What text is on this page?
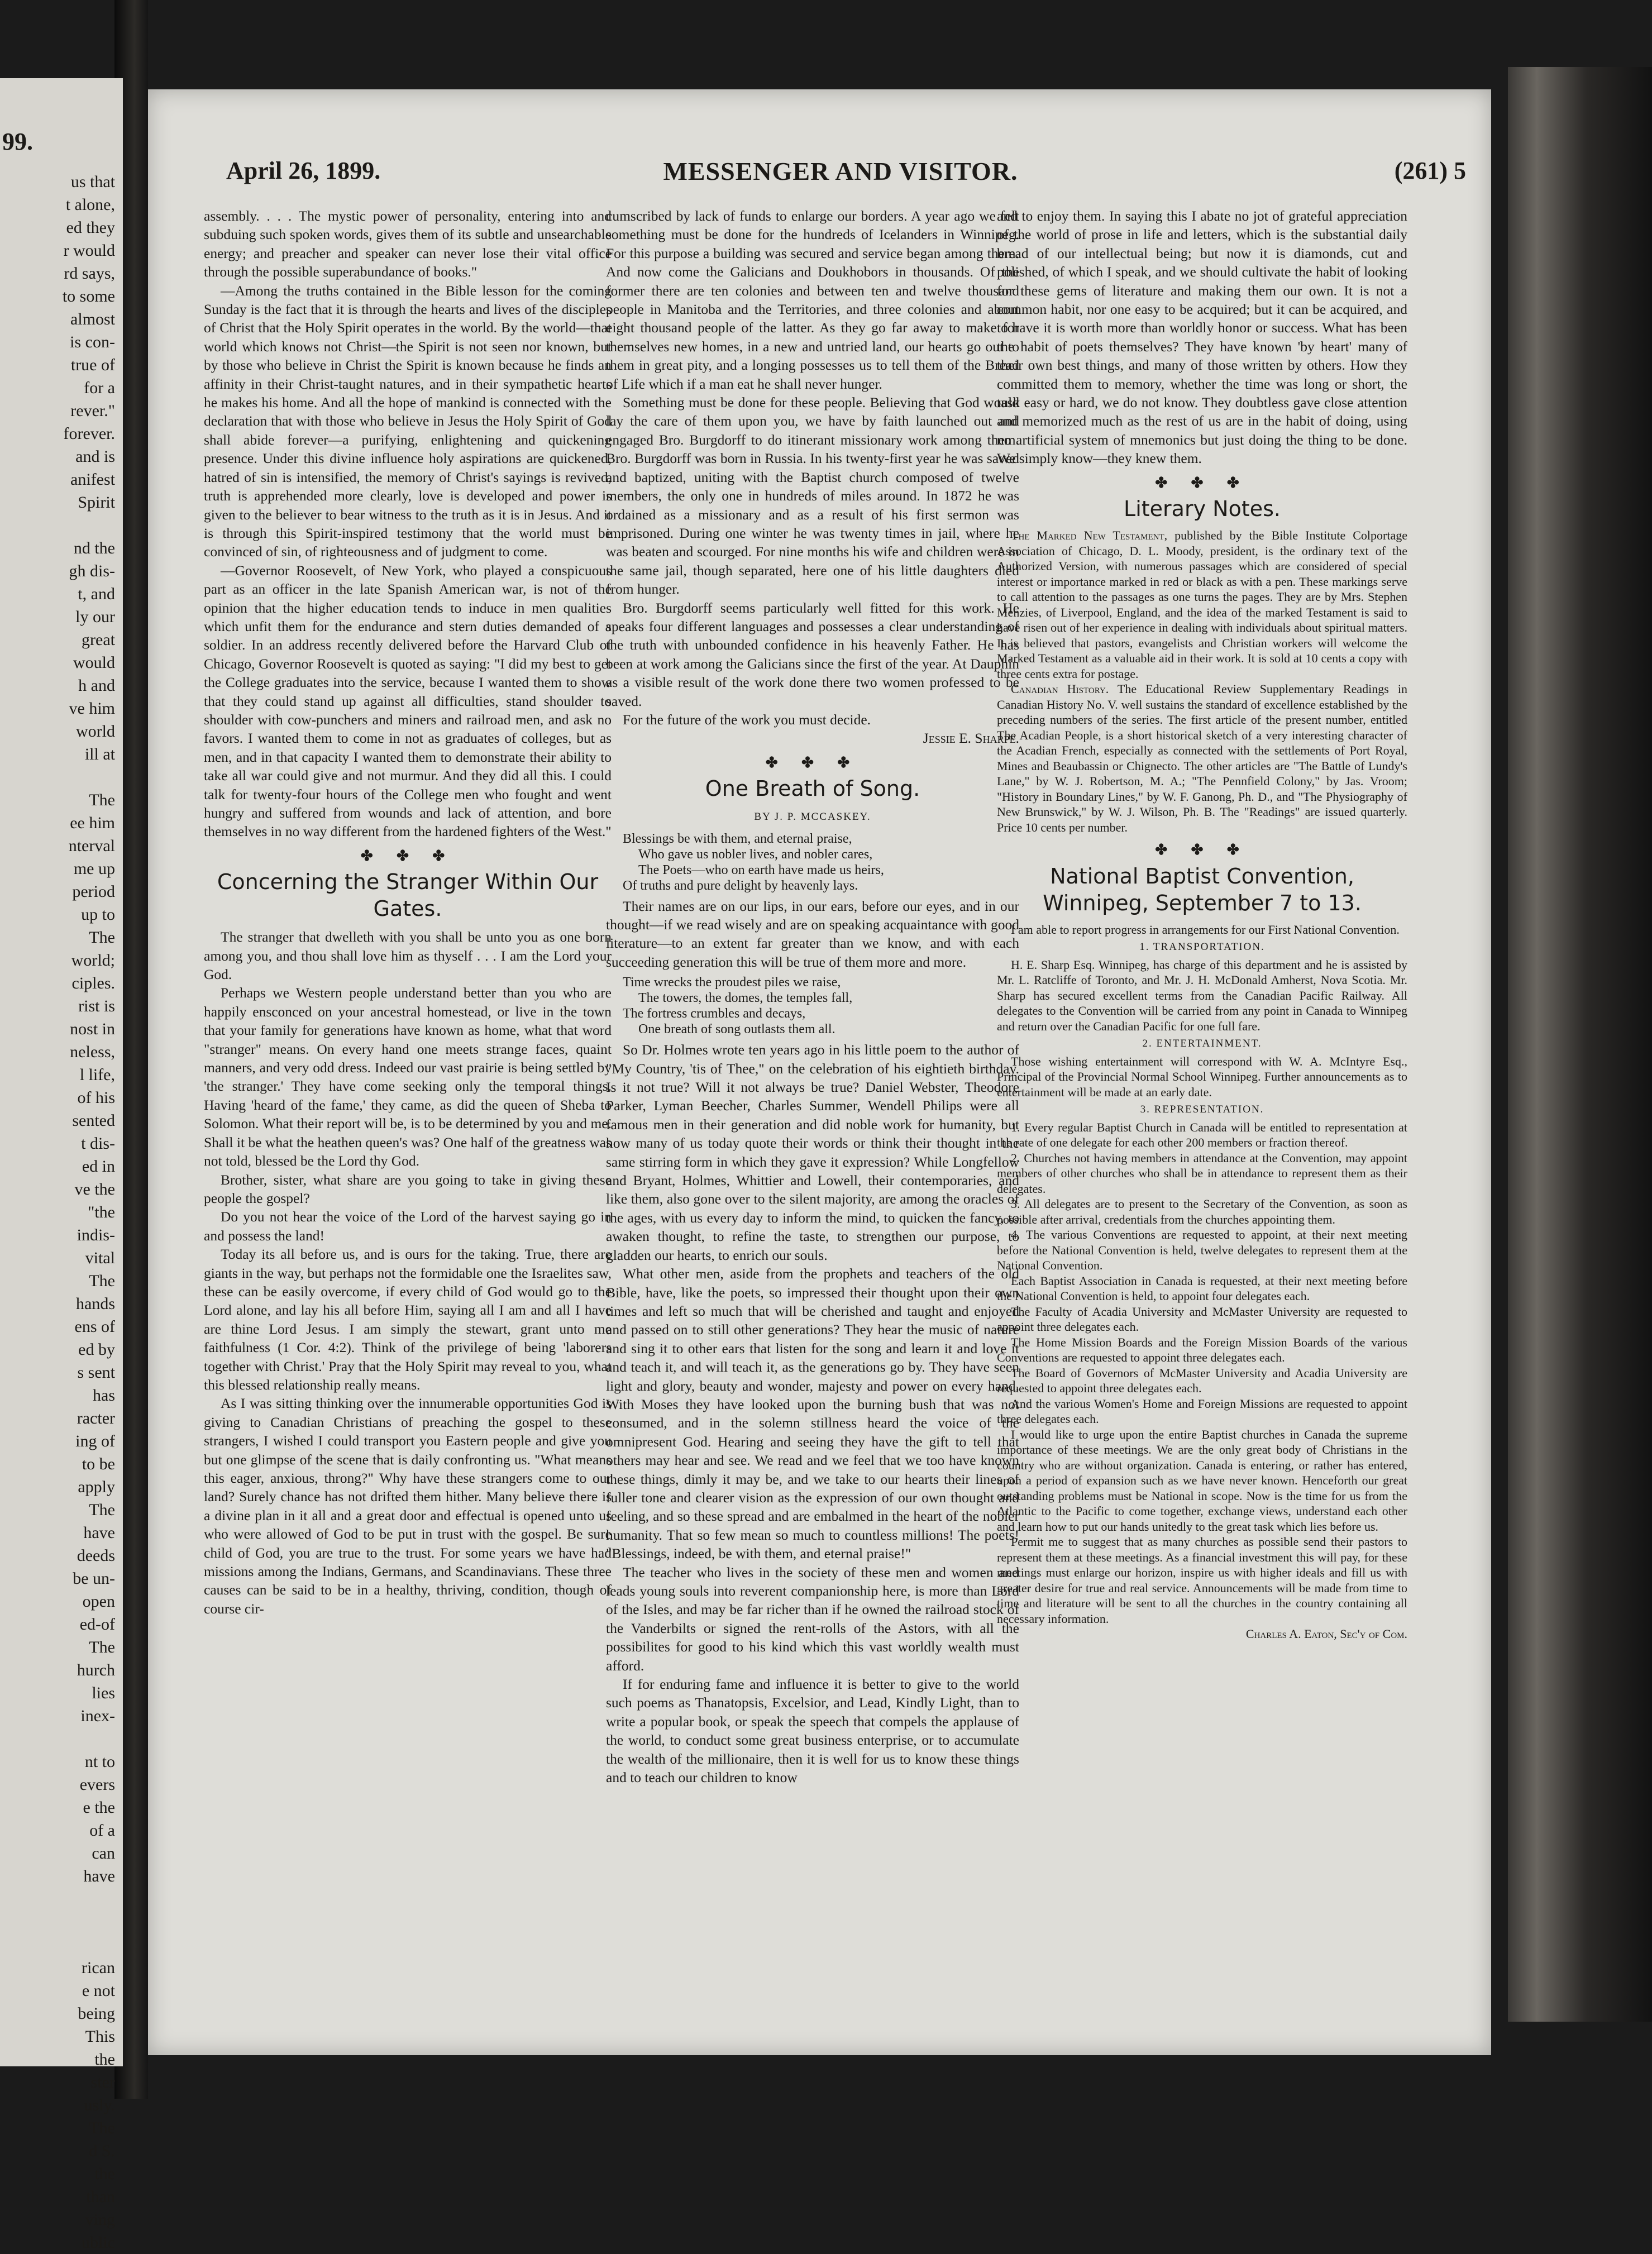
99.
us that
t alone,
ed they
r would
rd says,
to some
almost
is con-
true of
for a
rever."
forever.
and is
anifest
Spirit
nd the
gh dis-
t, and
ly our
great
would
h and
ve him
world
ill at
The
ee him
nterval
me up
period
up to
The
world;
ciples.
rist is
nost in
neless,
l life,
of his
sented
t dis-
ed in
ve the
"the
indis-
vital
The
hands
ens of
ed by
s sent
has
racter
ing of
to be
apply
The
have
deeds
be un-
open
ed-of
The
hurch
lies
inex-
nt to
evers
e the
of a
can
have
rican
e not
being
This
the
ster
usly.
The
d S.
the
than
ving
ublic
April 26, 1899.	MESSENGER AND VISITOR.	(261) 5

assembly. . . . The mystic power of personality, entering into and subduing such spoken words, gives them of its subtle and unsearchable energy; and preacher and speaker can never lose their vital office through the possible superabundance of books."

—Among the truths contained in the Bible lesson for the coming Sunday is the fact that it is through the hearts and lives of the disciples of Christ that the Holy Spirit operates in the world. By the world—that world which knows not Christ—the Spirit is not seen nor known, but by those who believe in Christ the Spirit is known because he finds an affinity in their Christ-taught natures, and in their sympathetic hearts he makes his home. And all the hope of mankind is connected with the declaration that with those who believe in Jesus the Holy Spirit of God shall abide forever—a purifying, enlightening and quickening presence. Under this divine influence holy aspirations are quickened, hatred of sin is intensified, the memory of Christ's sayings is revived, truth is apprehended more clearly, love is developed and power is given to the believer to bear witness to the truth as it is in Jesus. And it is through this Spirit-inspired testimony that the world must be convinced of sin, of righteousness and of judgment to come.

—Governor Roosevelt, of New York, who played a conspicuous part as an officer in the late Spanish American war, is not of the opinion that the higher education tends to induce in men qualities which unfit them for the endurance and stern duties demanded of a soldier. In an address recently delivered before the Harvard Club of Chicago, Governor Roosevelt is quoted as saying: "I did my best to get the College graduates into the service, because I wanted them to show that they could stand up against all difficulties, stand shoulder to shoulder with cow-punchers and miners and railroad men, and ask no favors. I wanted them to come in not as graduates of colleges, but as men, and in that capacity I wanted them to demonstrate their ability to take all war could give and not murmur. And they did all this. I could talk for twenty-four hours of the College men who fought and went hungry and suffered from wounds and lack of attention, and bore themselves in no way different from the hardened fighters of the West."

✤ ✤ ✤
Concerning the Stranger Within Our Gates.

The stranger that dwelleth with you shall be unto you as one born among you, and thou shall love him as thyself . . . I am the Lord your God.

Perhaps we Western people understand better than you who are happily ensconced on your ancestral homestead, or live in the town that your family for generations have known as home, what that word "stranger" means. On every hand one meets strange faces, quaint manners, and very odd dress. Indeed our vast prairie is being settled by 'the stranger.' They have come seeking only the temporal things. Having 'heard of the fame,' they came, as did the queen of Sheba to Solomon. What their report will be, is to be determined by you and me. Shall it be what the heathen queen's was? One half of the greatness was not told, blessed be the Lord thy God.

Brother, sister, what share are you going to take in giving these people the gospel?

Do you not hear the voice of the Lord of the harvest saying go in and possess the land!

Today its all before us, and is ours for the taking. True, there are giants in the way, but perhaps not the formidable one the Israelites saw, these can be easily overcome, if every child of God would go to the Lord alone, and lay his all before Him, saying all I am and all I have are thine Lord Jesus. I am simply the stewart, grant unto me faithfulness (1 Cor. 4:2). Think of the privilege of being 'laborers together with Christ.' Pray that the Holy Spirit may reveal to you, what this blessed relationship really means.

As I was sitting thinking over the innumerable opportunities God is giving to Canadian Christians of preaching the gospel to these strangers, I wished I could transport you Eastern people and give you but one glimpse of the scene that is daily confronting us. "What means this eager, anxious, throng?" Why have these strangers come to our land? Surely chance has not drifted them hither. Many believe there is a divine plan in it all and a great door and effectual is opened unto us who were allowed of God to be put in trust with the gospel. Be sure child of God, you are true to the trust. For some years we have had missions among the Indians, Germans, and Scandinavians. These three causes can be said to be in a healthy, thriving, condition, though of course cir-

cumscribed by lack of funds to enlarge our borders. A year ago we felt something must be done for the hundreds of Icelanders in Winnipeg. For this purpose a building was secured and service began among them. And now come the Galicians and Doukhobors in thousands. Of the former there are ten colonies and between ten and twelve thousand people in Manitoba and the Territories, and three colonies and about eight thousand people of the latter. As they go far away to make for themselves new homes, in a new and untried land, our hearts go out to them in great pity, and a longing possesses us to tell them of the Bread of Life which if a man eat he shall never hunger.

Something must be done for these people. Believing that God would lay the care of them upon you, we have by faith launched out and engaged Bro. Burgdorff to do itinerant missionary work among them. Bro. Burgdorff was born in Russia. In his twenty-first year he was saved and baptized, uniting with the Baptist church composed of twelve members, the only one in hundreds of miles around. In 1872 he was ordained as a missionary and as a result of his first sermon was imprisoned. During one winter he was twenty times in jail, where he was beaten and scourged. For nine months his wife and children were in the same jail, though separated, here one of his little daughters died from hunger.

Bro. Burgdorff seems particularly well fitted for this work. He speaks four different languages and possesses a clear understanding of the truth with unbounded confidence in his heavenly Father. He has been at work among the Galicians since the first of the year. At Dauphin as a visible result of the work done there two women professed to be saved.

For the future of the work you must decide.

Jessie E. Sharpe.
✤ ✤ ✤
One Breath of Song.
BY J. P. MCCASKEY.
Blessings be with them, and eternal praise,
Who gave us nobler lives, and nobler cares,
The Poets—who on earth have made us heirs,
Of truths and pure delight by heavenly lays.

Their names are on our lips, in our ears, before our eyes, and in our thought—if we read wisely and are on speaking acquaintance with good literature—to an extent far greater than we know, and with each succeeding generation this will be true of them more and more.

Time wrecks the proudest piles we raise,
The towers, the domes, the temples fall,
The fortress crumbles and decays,
One breath of song outlasts them all.

So Dr. Holmes wrote ten years ago in his little poem to the author of "My Country, 'tis of Thee," on the celebration of his eightieth birthday. Is it not true? Will it not always be true? Daniel Webster, Theodore Parker, Lyman Beecher, Charles Summer, Wendell Philips were all famous men in their generation and did noble work for humanity, but how many of us today quote their words or think their thought in the same stirring form in which they gave it expression? While Longfellow and Bryant, Holmes, Whittier and Lowell, their contemporaries, and like them, also gone over to the silent majority, are among the oracles of the ages, with us every day to inform the mind, to quicken the fancy, to awaken thought, to refine the taste, to strengthen our purpose, to gladden our hearts, to enrich our souls.

What other men, aside from the prophets and teachers of the old Bible, have, like the poets, so impressed their thought upon their own times and left so much that will be cherished and taught and enjoyed and passed on to still other generations? They hear the music of nature and sing it to other ears that listen for the song and learn it and love it and teach it, and will teach it, as the generations go by. They have seen light and glory, beauty and wonder, majesty and power on every hand. With Moses they have looked upon the burning bush that was not consumed, and in the solemn stillness heard the voice of the omnipresent God. Hearing and seeing they have the gift to tell that others may hear and see. We read and we feel that we too have known these things, dimly it may be, and we take to our hearts their lines of fuller tone and clearer vision as the expression of our own thought and feeling, and so these spread and are embalmed in the heart of the nobler humanity. That so few mean so much to countless millions! The poets! "Blessings, indeed, be with them, and eternal praise!"

The teacher who lives in the society of these men and women and leads young souls into reverent companionship here, is more than Lord of the Isles, and may be far richer than if he owned the railroad stock of the Vanderbilts or signed the rent-rolls of the Astors, with all the possibilites for good to his kind which this vast worldly wealth must afford.

If for enduring fame and influence it is better to give to the world such poems as Thanatopsis, Excelsior, and Lead, Kindly Light, than to write a popular book, or speak the speech that compels the applause of the world, to conduct some great business enterprise, or to accumulate the wealth of the millionaire, then it is well for us to know these things and to teach our children to know

and to enjoy them. In saying this I abate no jot of grateful appreciation of the world of prose in life and letters, which is the substantial daily bread of our intellectual being; but now it is diamonds, cut and polished, of which I speak, and we should cultivate the habit of looking for these gems of literature and making them our own. It is not a common habit, nor one easy to be acquired; but it can be acquired, and to have it is worth more than worldly honor or success. What has been the habit of poets themselves? They have known 'by heart' many of their own best things, and many of those written by others. How they committed them to memory, whether the time was long or short, the task easy or hard, we do not know. They doubtless gave close attention and memorized much as the rest of us are in the habit of doing, using no artificial system of mnemonics but just doing the thing to be done. We simply know—they knew them.

✤ ✤ ✤
Literary Notes.

The Marked New Testament, published by the Bible Institute Colportage Association of Chicago, D. L. Moody, president, is the ordinary text of the Authorized Version, with numerous passages which are considered of special interest or importance marked in red or black as with a pen. These markings serve to call attention to the passages as one turns the pages. They are by Mrs. Stephen Menzies, of Liverpool, England, and the idea of the marked Testament is said to have risen out of her experience in dealing with individuals about spiritual matters. It is believed that pastors, evangelists and Christian workers will welcome the Marked Testament as a valuable aid in their work. It is sold at 10 cents a copy with three cents extra for postage.

Canadian History. The Educational Review Supplementary Readings in Canadian History No. V. well sustains the standard of excellence established by the preceding numbers of the series. The first article of the present number, entitled The Acadian People, is a short historical sketch of a very interesting character of the Acadian French, especially as connected with the settlements of Port Royal, Mines and Beaubassin or Chignecto. The other articles are "The Battle of Lundy's Lane," by W. J. Robertson, M. A.; "The Pennfield Colony," by Jas. Vroom; "History in Boundary Lines," by W. F. Ganong, Ph. D., and "The Physiography of New Brunswick," by W. J. Wilson, Ph. B. The "Readings" are issued quarterly. Price 10 cents per number.

✤ ✤ ✤
National Baptist Convention, Winnipeg, September 7 to 13.

I am able to report progress in arrangements for our First National Convention.

1. TRANSPORTATION.

H. E. Sharp Esq. Winnipeg, has charge of this department and he is assisted by Mr. L. Ratcliffe of Toronto, and Mr. J. H. McDonald Amherst, Nova Scotia. Mr. Sharp has secured excellent terms from the Canadian Pacific Railway. All delegates to the Convention will be carried from any point in Canada to Winnipeg and return over the Canadian Pacific for one full fare.

2. ENTERTAINMENT.

Those wishing entertainment will correspond with W. A. McIntyre Esq., Principal of the Provincial Normal School Winnipeg. Further announcements as to entertainment will be made at an early date.

3. REPRESENTATION.

1. Every regular Baptist Church in Canada will be entitled to representation at the rate of one delegate for each other 200 members or fraction thereof.

2. Churches not having members in attendance at the Convention, may appoint members of other churches who shall be in attendance to represent them as their delegates.

3. All delegates are to present to the Secretary of the Convention, as soon as possible after arrival, credentials from the churches appointing them.

4. The various Conventions are requested to appoint, at their next meeting before the National Convention is held, twelve delegates to represent them at the National Convention.

Each Baptist Association in Canada is requested, at their next meeting before the National Convention is held, to appoint four delegates each.

The Faculty of Acadia University and McMaster University are requested to appoint three delegates each.

The Home Mission Boards and the Foreign Mission Boards of the various Conventions are requested to appoint three delegates each.

The Board of Governors of McMaster University and Acadia University are requested to appoint three delegates each.

And the various Women's Home and Foreign Missions are requested to appoint three delegates each.

I would like to urge upon the entire Baptist churches in Canada the supreme importance of these meetings. We are the only great body of Christians in the country who are without organization. Canada is entering, or rather has entered, upon a period of expansion such as we have never known. Henceforth our great outstanding problems must be National in scope. Now is the time for us from the Atlantic to the Pacific to come together, exchange views, understand each other and learn how to put our hands unitedly to the great task which lies before us.

Permit me to suggest that as many churches as possible send their pastors to represent them at these meetings. As a financial investment this will pay, for these meetings must enlarge our horizon, inspire us with higher ideals and fill us with greater desire for true and real service. Announcements will be made from time to time and literature will be sent to all the churches in the country containing all necessary information.

Charles A. Eaton, Sec'y of Com.
